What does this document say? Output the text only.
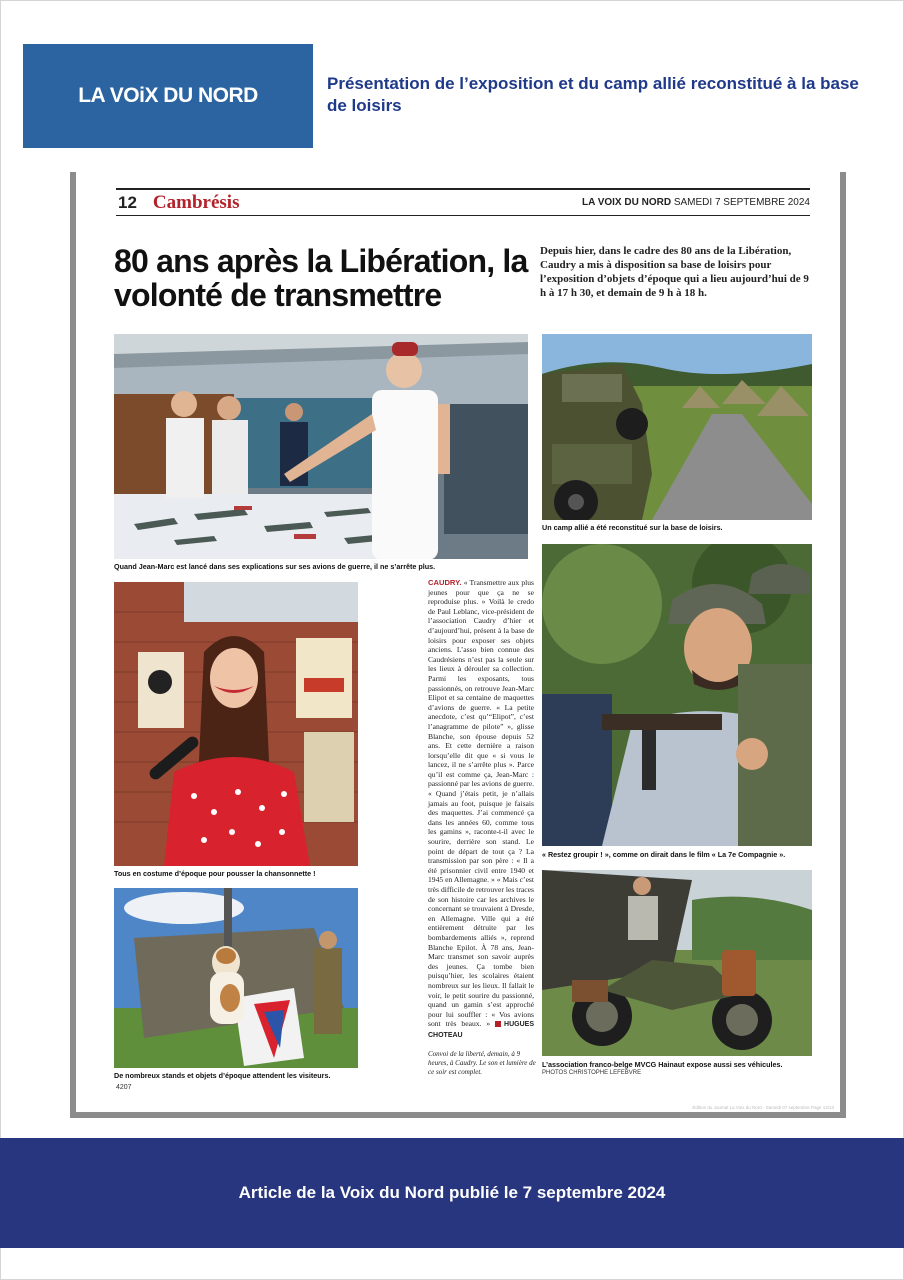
LA VOiX DU NORD
Présentation de l’exposition et du camp allié reconstitué à la base de loisirs
12 Cambrésis	LA VOIX DU NORD SAMEDI 7 SEPTEMBRE 2024
80 ans après la Libération, la volonté de transmettre
Depuis hier, dans le cadre des 80 ans de la Libération, Caudry a mis à disposition sa base de loisirs pour l’exposition d’objets d’époque qui a lieu aujourd’hui de 9 h à 17 h 30, et demain de 9 h à 18 h.
Quand Jean-Marc est lancé dans ses explications sur ses avions de guerre, il ne s’arrête plus.
Un camp allié a été reconstitué sur la base de loisirs.
Tous en costume d’époque pour pousser la chansonnette !
« Restez groupir ! », comme on dirait dans le film « La 7e Compagnie ».
De nombreux stands et objets d’époque attendent les visiteurs.
L’association franco-belge MVCG Hainaut expose aussi ses véhicules.
PHOTOS CHRISTOPHE LEFEBVRE
CAUDRY. « Transmettre aux plus jeunes pour que ça ne se reproduise plus. » Voilà le credo de Paul Leblanc, vice-président de l’association Caudry d’hier et d’aujourd’hui, présent à la base de loisirs pour exposer ses objets anciens. L’asso bien connue des Caudrésiens n’est pas la seule sur les lieux à dérouler sa collection. Parmi les exposants, tous passionnés, on retrouve Jean-Marc Elipot et sa centaine de maquettes d’avions de guerre. « La petite anecdote, c’est qu’“Elipot”, c’est l’anagramme de pilote” », glisse Blanche, son épouse depuis 52 ans. Et cette dernière a raison lorsqu’elle dit que « si vous le lancez, il ne s’arrête plus ». Parce qu’il est comme ça, Jean-Marc : passionné par les avions de guerre. « Quand j’étais petit, je n’allais jamais au foot, puisque je faisais des maquettes. J’ai commencé ça dans les années 60, comme tous les gamins », raconte-t-il avec le sourire, derrière son stand. Le point de départ de tout ça ? La transmission par son père : « Il a été prisonnier civil entre 1940 et 1945 en Allemagne. » « Mais c’est très difficile de retrouver les traces de son histoire car les archives le concernant se trouvaient à Dresde, en Allemagne. Ville qui a été entièrement détruite par les bombardements alliés », reprend Blanche Epilot. À 78 ans, Jean-Marc transmet son savoir auprès des jeunes. Ça tombe bien puisqu’hier, les scolaires étaient nombreux sur les lieux. Il fallait le voir, le petit sourire du passionné, quand un gamin s’est approché pour lui souffler : « Vos avions sont très beaux. » HUGUES CHOTEAU
Convoi de la liberté, demain, à 9 heures, à Caudry. Le son et lumière de ce soir est complet.
4207
Édition du Journal La Voix du Nord - Samedi 07 septembre Page 13/13
Article de la Voix du Nord publié le 7 septembre 2024
